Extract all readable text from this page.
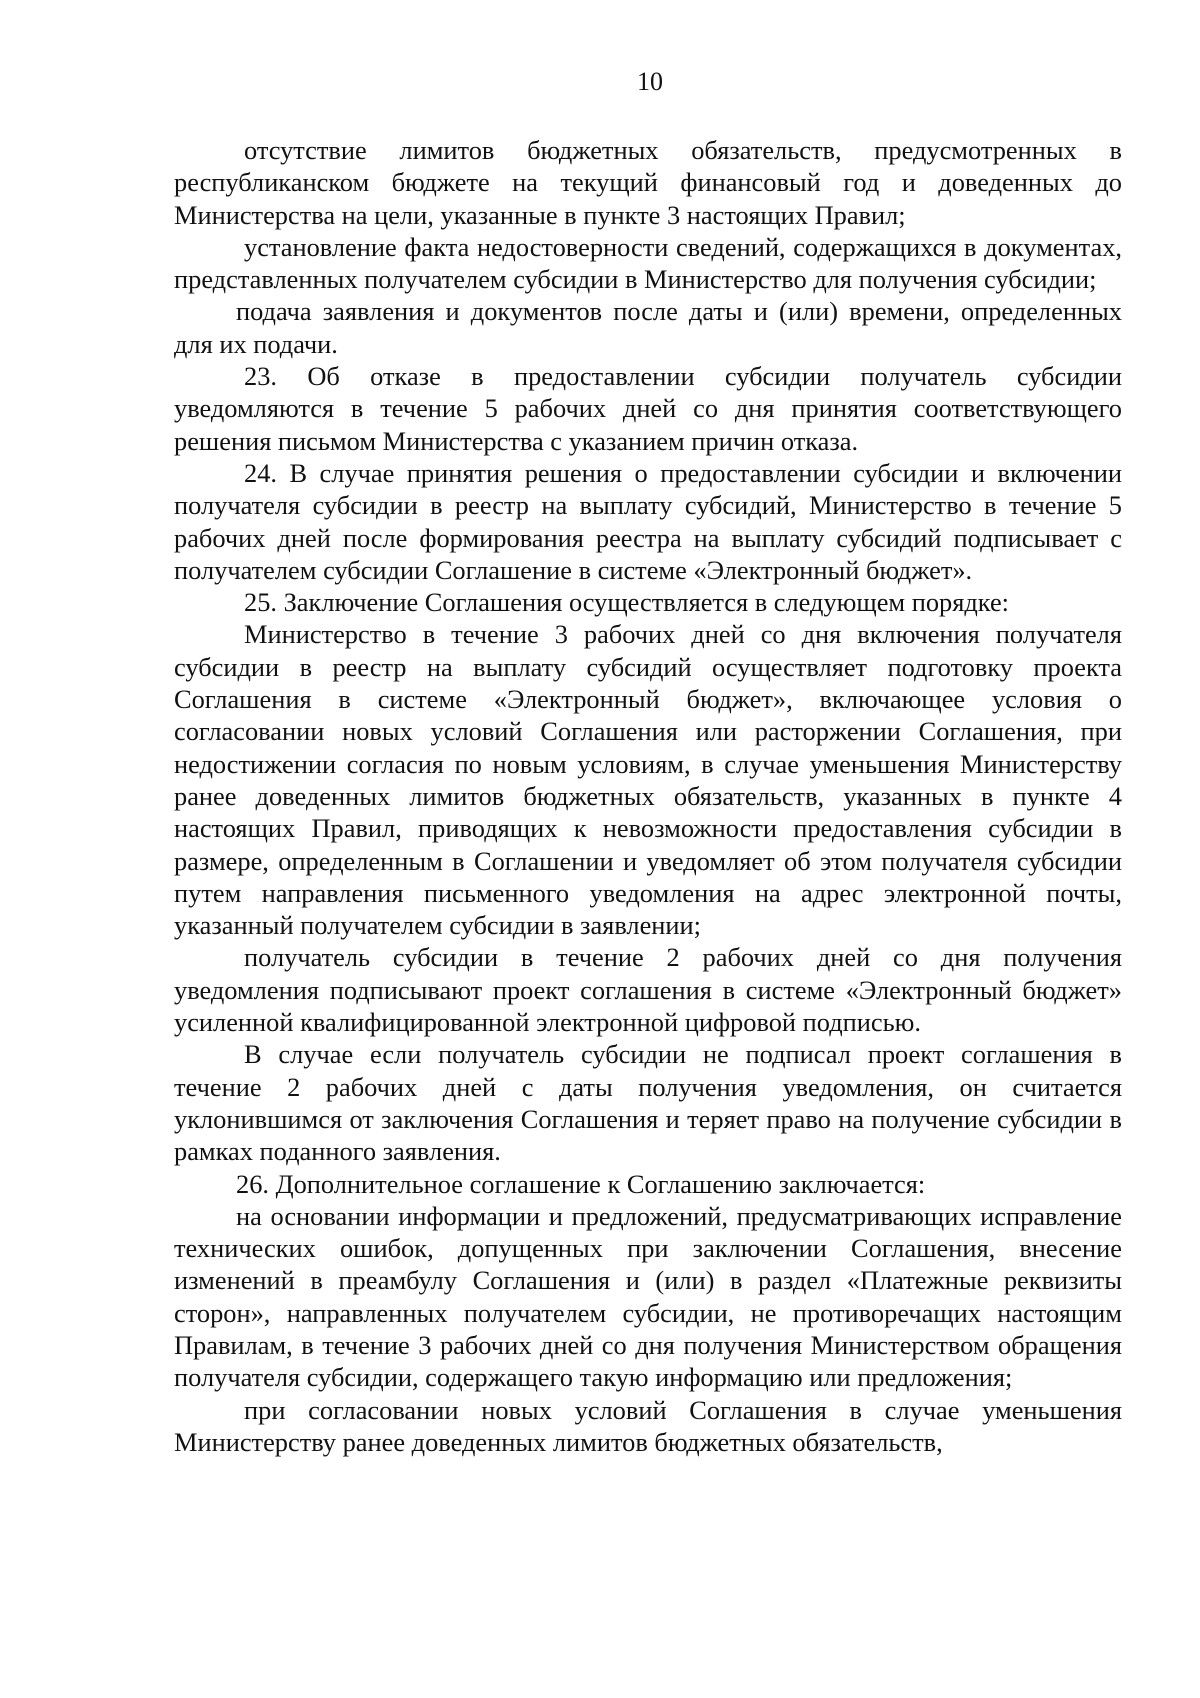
10

отсутствие лимитов бюджетных обязательств, предусмотренных в республиканском бюджете на текущий финансовый год и доведенных до Министерства на цели, указанные в пункте 3 настоящих Правил;

установление факта недостоверности сведений, содержащихся в документах, представленных получателем субсидии в Министерство для получения субсидии;

подача заявления и документов после даты и (или) времени, определенных для их подачи.

23. Об отказе в предоставлении субсидии получатель субсидии уведомляются в течение 5 рабочих дней со дня принятия соответствующего решения письмом Министерства с указанием причин отказа.

24. В случае принятия решения о предоставлении субсидии и включении получателя субсидии в реестр на выплату субсидий, Министерство в течение 5 рабочих дней после формирования реестра на выплату субсидий подписывает с получателем субсидии Соглашение в системе «Электронный бюджет».

25. Заключение Соглашения осуществляется в следующем порядке:

Министерство в течение 3 рабочих дней со дня включения получателя субсидии в реестр на выплату субсидий осуществляет подготовку проекта Соглашения в системе «Электронный бюджет», включающее условия о согласовании новых условий Соглашения или расторжении Соглашения, при недостижении согласия по новым условиям, в случае уменьшения Министерству ранее доведенных лимитов бюджетных обязательств, указанных в пункте 4 настоящих Правил, приводящих к невозможности предоставления субсидии в размере, определенным в Соглашении и уведомляет об этом получателя субсидии путем направления письменного уведомления на адрес электронной почты, указанный получателем субсидии в заявлении;

получатель субсидии в течение 2 рабочих дней со дня получения уведомления подписывают проект соглашения в системе «Электронный бюджет» усиленной квалифицированной электронной цифровой подписью.

В случае если получатель субсидии не подписал проект соглашения в течение 2 рабочих дней с даты получения уведомления, он считается уклонившимся от заключения Соглашения и теряет право на получение субсидии в рамках поданного заявления.

26. Дополнительное соглашение к Соглашению заключается:

на основании информации и предложений, предусматривающих исправление технических ошибок, допущенных при заключении Соглашения, внесение изменений в преамбулу Соглашения и (или) в раздел «Платежные реквизиты сторон», направленных получателем субсидии, не противоречащих настоящим Правилам, в течение 3 рабочих дней со дня получения Министерством обращения получателя субсидии, содержащего такую информацию или предложения;

при согласовании новых условий Соглашения в случае уменьшения Министерству ранее доведенных лимитов бюджетных обязательств,
